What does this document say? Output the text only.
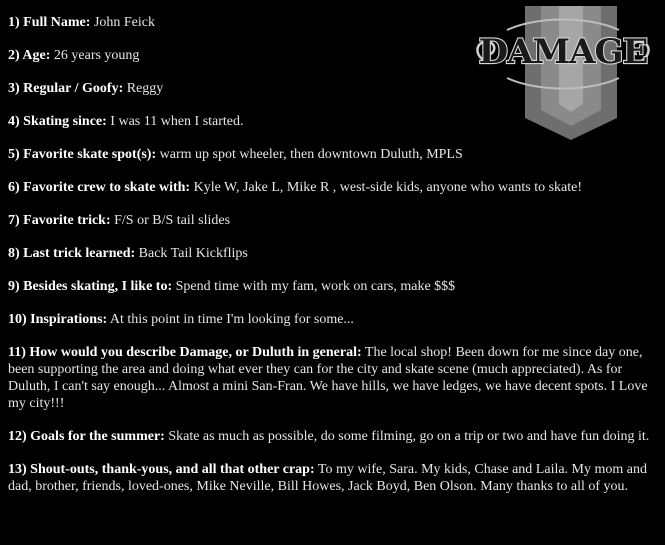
DAMAGE
1) Full Name: John Feick
2) Age: 26 years young
3) Regular / Goofy: Reggy
4) Skating since: I was 11 when I started.
5) Favorite skate spot(s): warm up spot wheeler, then downtown Duluth, MPLS
6) Favorite crew to skate with: Kyle W, Jake L, Mike R , west-side kids, anyone who wants to skate!
7) Favorite trick: F/S or B/S tail slides
8) Last trick learned: Back Tail Kickflips
9) Besides skating, I like to: Spend time with my fam, work on cars, make $$$
10) Inspirations: At this point in time I'm looking for some...
11) How would you describe Damage, or Duluth in general: The local shop! Been down for me since day one, been supporting the area and doing what ever they can for the city and skate scene (much appreciated). As for Duluth, I can't say enough... Almost a mini San-Fran. We have hills, we have ledges, we have decent spots. I Love my city!!!
12) Goals for the summer: Skate as much as possible, do some filming, go on a trip or two and have fun doing it.
13) Shout-outs, thank-yous, and all that other crap: To my wife, Sara. My kids, Chase and Laila. My mom and dad, brother, friends, loved-ones, Mike Neville, Bill Howes, Jack Boyd, Ben Olson. Many thanks to all of you.
